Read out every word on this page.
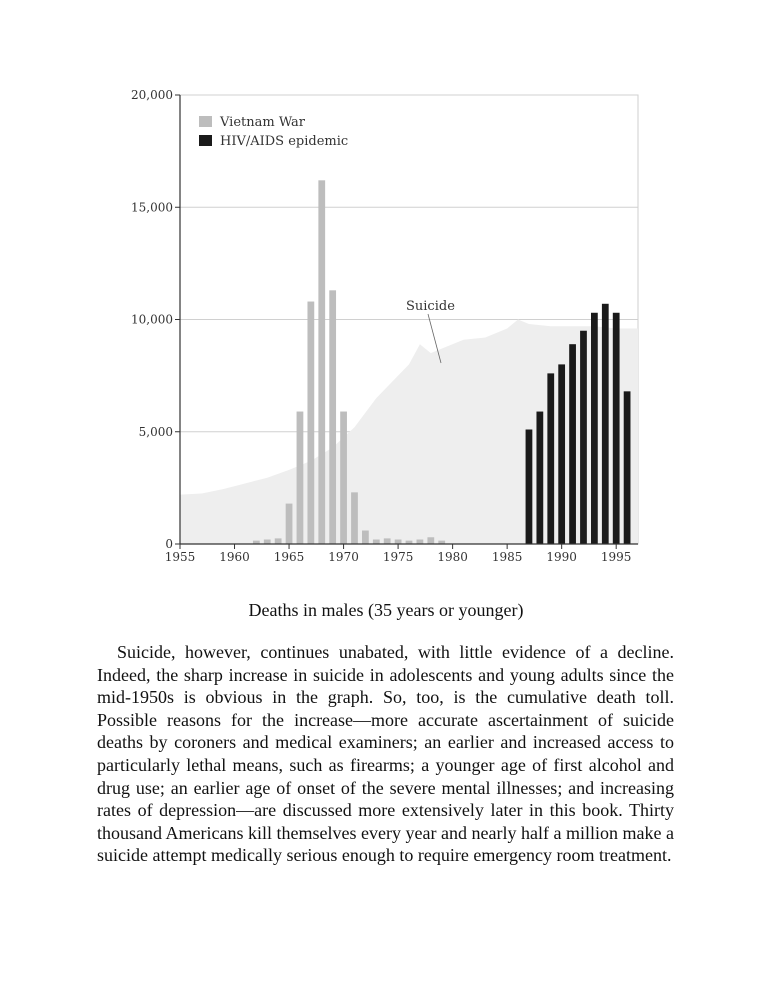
0
5,000
10,000
15,000
20,000
1955 1960 1965 1970 1975 1980 1985 1990 1995
Vietnam War
HIV/AIDS epidemic
Suicide
Deaths in males (35 years or younger)

Suicide, however, continues unabated, with little evidence of a decline. Indeed, the sharp increase in suicide in adolescents and young adults since the mid-1950s is obvious in the graph. So, too, is the cumulative death toll. Possible reasons for the increase—more accurate ascertainment of suicide deaths by coroners and medical examiners; an earlier and increased access to particularly lethal means, such as firearms; a younger age of first alcohol and drug use; an earlier age of onset of the severe mental illnesses; and increasing rates of depression—are discussed more extensively later in this book. Thirty thousand Americans kill themselves every year and nearly half a million make a suicide attempt medically serious enough to require emergency room treatment.
